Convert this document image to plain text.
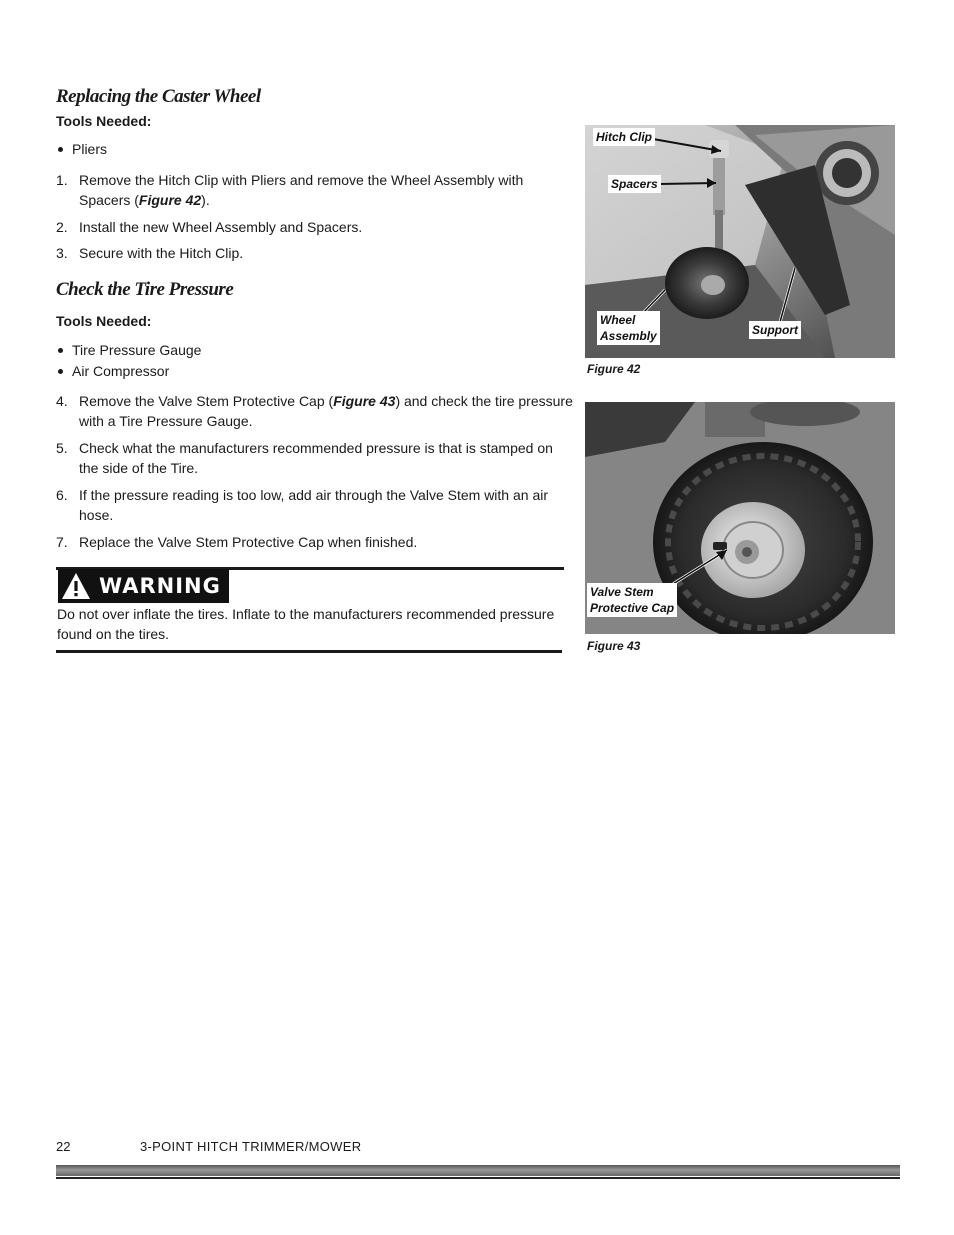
Replacing the Caster Wheel
Tools Needed:
Pliers
1. Remove the Hitch Clip with Pliers and remove the Wheel Assembly with Spacers (Figure 42).
2. Install the new Wheel Assembly and Spacers.
3. Secure with the Hitch Clip.
Check the Tire Pressure
Tools Needed:
Tire Pressure Gauge
Air Compressor
4. Remove the Valve Stem Protective Cap (Figure 43) and check the tire pressure with a Tire Pressure Gauge.
5. Check what the manufacturers recommended pressure is that is stamped on the side of the Tire.
6. If the pressure reading is too low, add air through the Valve Stem with an air hose.
7. Replace the Valve Stem Protective Cap when finished.
WARNING
Do not over inflate the tires. Inflate to the manufacturers recommended pressure found on the tires.
Hitch Clip
Spacers
Wheel
Assembly	Support
Figure 42
Valve Stem
Protective Cap
Figure 43
22	3-POINT HITCH TRIMMER/MOWER
